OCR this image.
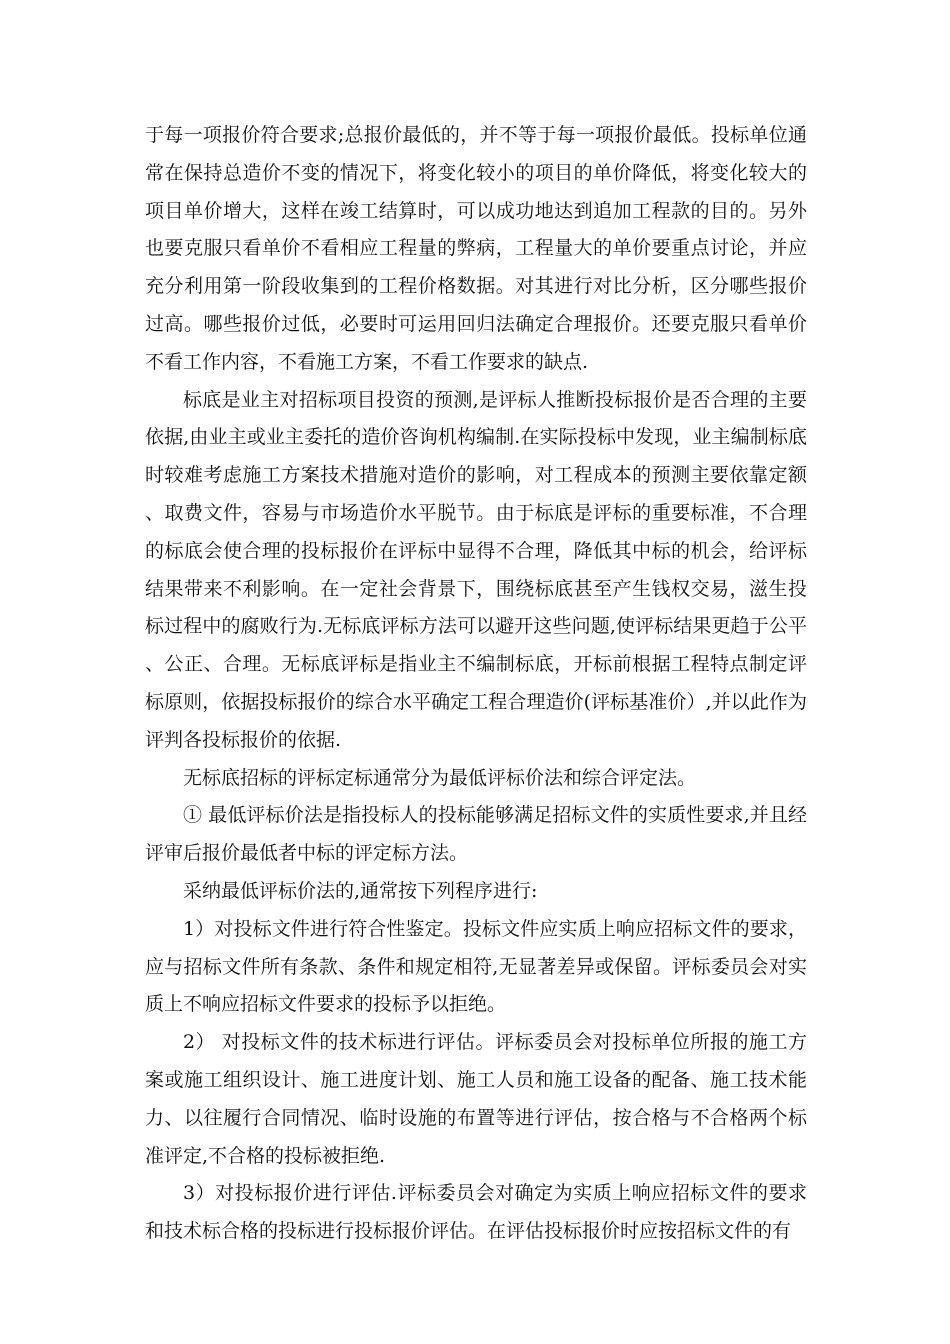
于每一项报价符合要求;总报价最低的，并不等于每一项报价最低。投标单位通常在保持总造价不变的情况下，将变化较小的项目的单价降低，将变化较大的项目单价增大，这样在竣工结算时，可以成功地达到追加工程款的目的。另外也要克服只看单价不看相应工程量的弊病，工程量大的单价要重点讨论，并应充分利用第一阶段收集到的工程价格数据。对其进行对比分析，区分哪些报价过高。哪些报价过低，必要时可运用回归法确定合理报价。还要克服只看单价不看工作内容，不看施工方案，不看工作要求的缺点.

标底是业主对招标项目投资的预测,是评标人推断投标报价是否合理的主要依据,由业主或业主委托的造价咨询机构编制.在实际投标中发现，业主编制标底时较难考虑施工方案技术措施对造价的影响，对工程成本的预测主要依靠定额、取费文件，容易与市场造价水平脱节。由于标底是评标的重要标准，不合理的标底会使合理的投标报价在评标中显得不合理，降低其中标的机会，给评标结果带来不利影响。在一定社会背景下，围绕标底甚至产生钱权交易，滋生投标过程中的腐败行为.无标底评标方法可以避开这些问题,使评标结果更趋于公平、公正、合理。无标底评标是指业主不编制标底，开标前根据工程特点制定评标原则，依据投标报价的综合水平确定工程合理造价(评标基准价）,并以此作为评判各投标报价的依据.

无标底招标的评标定标通常分为最低评标价法和综合评定法。

① 最低评标价法是指投标人的投标能够满足招标文件的实质性要求,并且经评审后报价最低者中标的评定标方法。

采纳最低评标价法的,通常按下列程序进行:

1）对投标文件进行符合性鉴定。投标文件应实质上响应招标文件的要求，应与招标文件所有条款、条件和规定相符,无显著差异或保留。评标委员会对实质上不响应招标文件要求的投标予以拒绝。

2） 对投标文件的技术标进行评估。评标委员会对投标单位所报的施工方案或施工组织设计、施工进度计划、施工人员和施工设备的配备、施工技术能力、以往履行合同情况、临时设施的布置等进行评估，按合格与不合格两个标准评定,不合格的投标被拒绝.

3）对投标报价进行评估.评标委员会对确定为实质上响应招标文件的要求和技术标合格的投标进行投标报价评估。在评估投标报价时应按招标文件的有
